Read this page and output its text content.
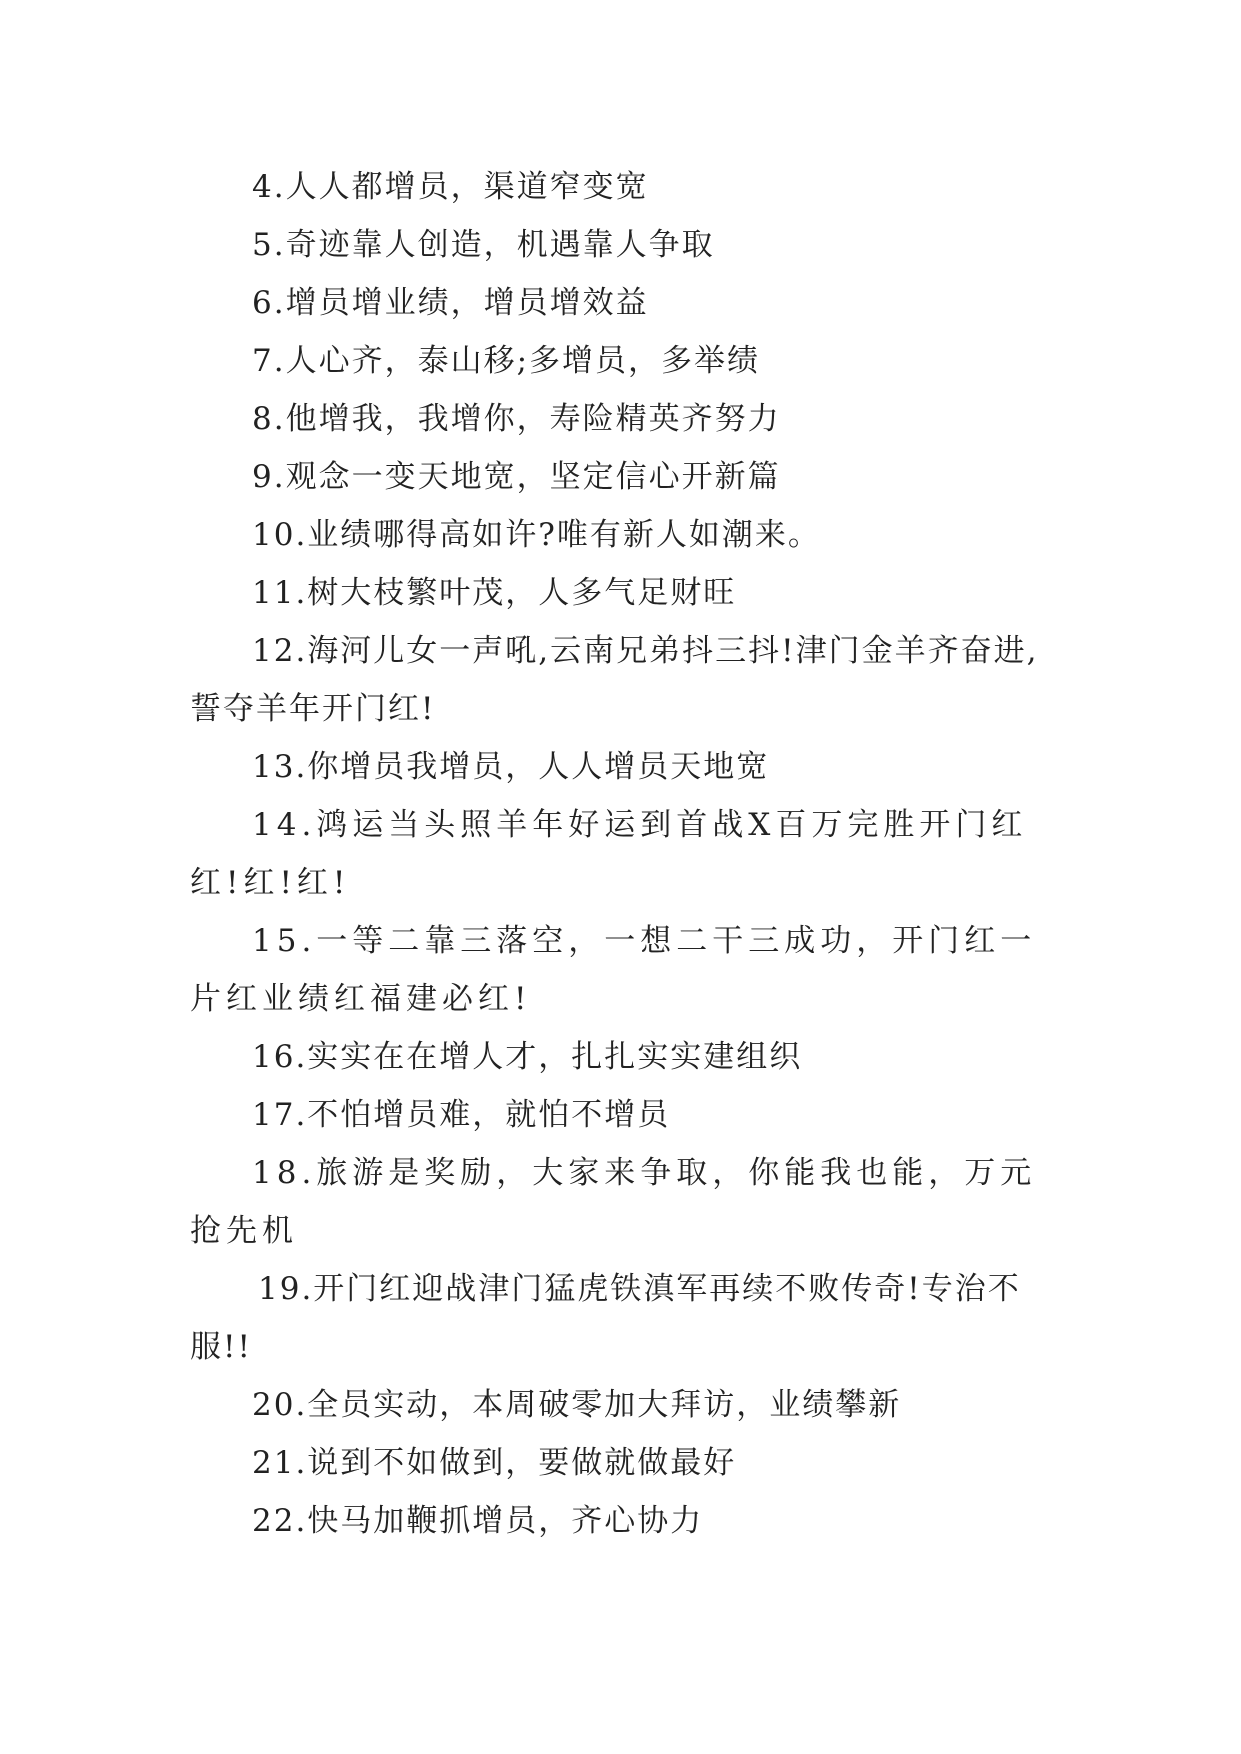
4.人人都增员，渠道窄变宽

5.奇迹靠人创造，机遇靠人争取

6.增员增业绩，增员增效益

7.人心齐，泰山移;多增员，多举绩

8.他增我，我增你，寿险精英齐努力

9.观念一变天地宽，坚定信心开新篇

10.业绩哪得高如许?唯有新人如潮来。

11.树大枝繁叶茂，人多气足财旺

12.海河儿女一声吼,云南兄弟抖三抖!津门金羊齐奋进,誓夺羊年开门红!

13.你增员我增员，人人增员天地宽

14.鸿运当头照羊年好运到首战X百万完胜开门红红!红!红!

15.一等二靠三落空，一想二干三成功，开门红一片红业绩红福建必红!

16.实实在在增人才，扎扎实实建组织

17.不怕增员难，就怕不增员

18.旅游是奖励，大家来争取，你能我也能，万元抢先机

19.开门红迎战津门猛虎铁滇军再续不败传奇!专治不服!!

20.全员实动，本周破零加大拜访，业绩攀新

21.说到不如做到，要做就做最好

22.快马加鞭抓增员，齐心协力
